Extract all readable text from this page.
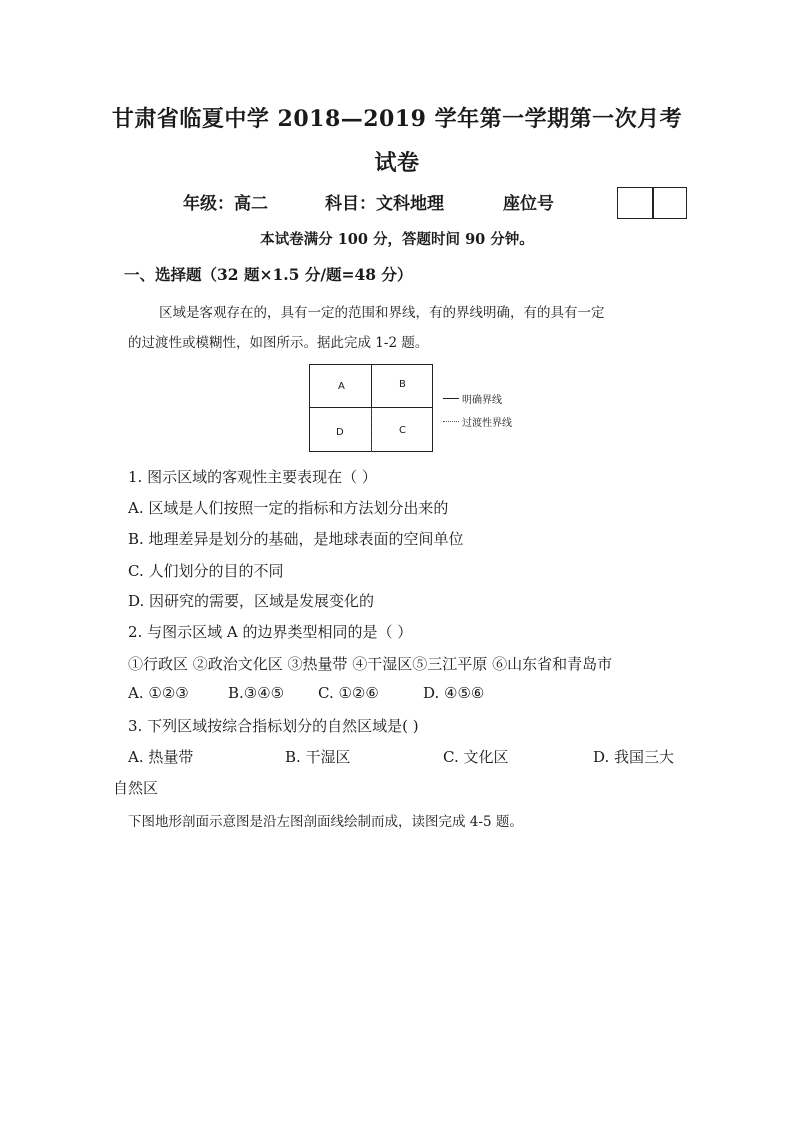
甘肃省临夏中学 2018—2019 学年第一学期第一次月考
试卷
年级：高二	科目：文科地理	座位号
本试卷满分 100 分，答题时间 90 分钟。
一、选择题（32 题×1.5 分/题=48 分）
区域是客观存在的，具有一定的范围和界线，有的界线明确，有的具有一定
的过渡性或模糊性，如图所示。据此完成 1-2 题。
A	B
D	C
明确界线
过渡性界线
1. 图示区域的客观性主要表现在（ ）
A. 区域是人们按照一定的指标和方法划分出来的
B. 地理差异是划分的基础，是地球表面的空间单位
C. 人们划分的目的不同
D. 因研究的需要，区域是发展变化的
2. 与图示区域 A 的边界类型相同的是（ ）
①行政区 ②政治文化区 ③热量带 ④干湿区⑤三江平原 ⑥山东省和青岛市
A. ①②③	B.③④⑤ C. ①②⑥	D. ④⑤⑥
3. 下列区域按综合指标划分的自然区域是( )
A. 热量带	B. 干湿区	C. 文化区	D. 我国三大
自然区
下图地形剖面示意图是沿左图剖面线绘制而成，读图完成 4-5 题。
